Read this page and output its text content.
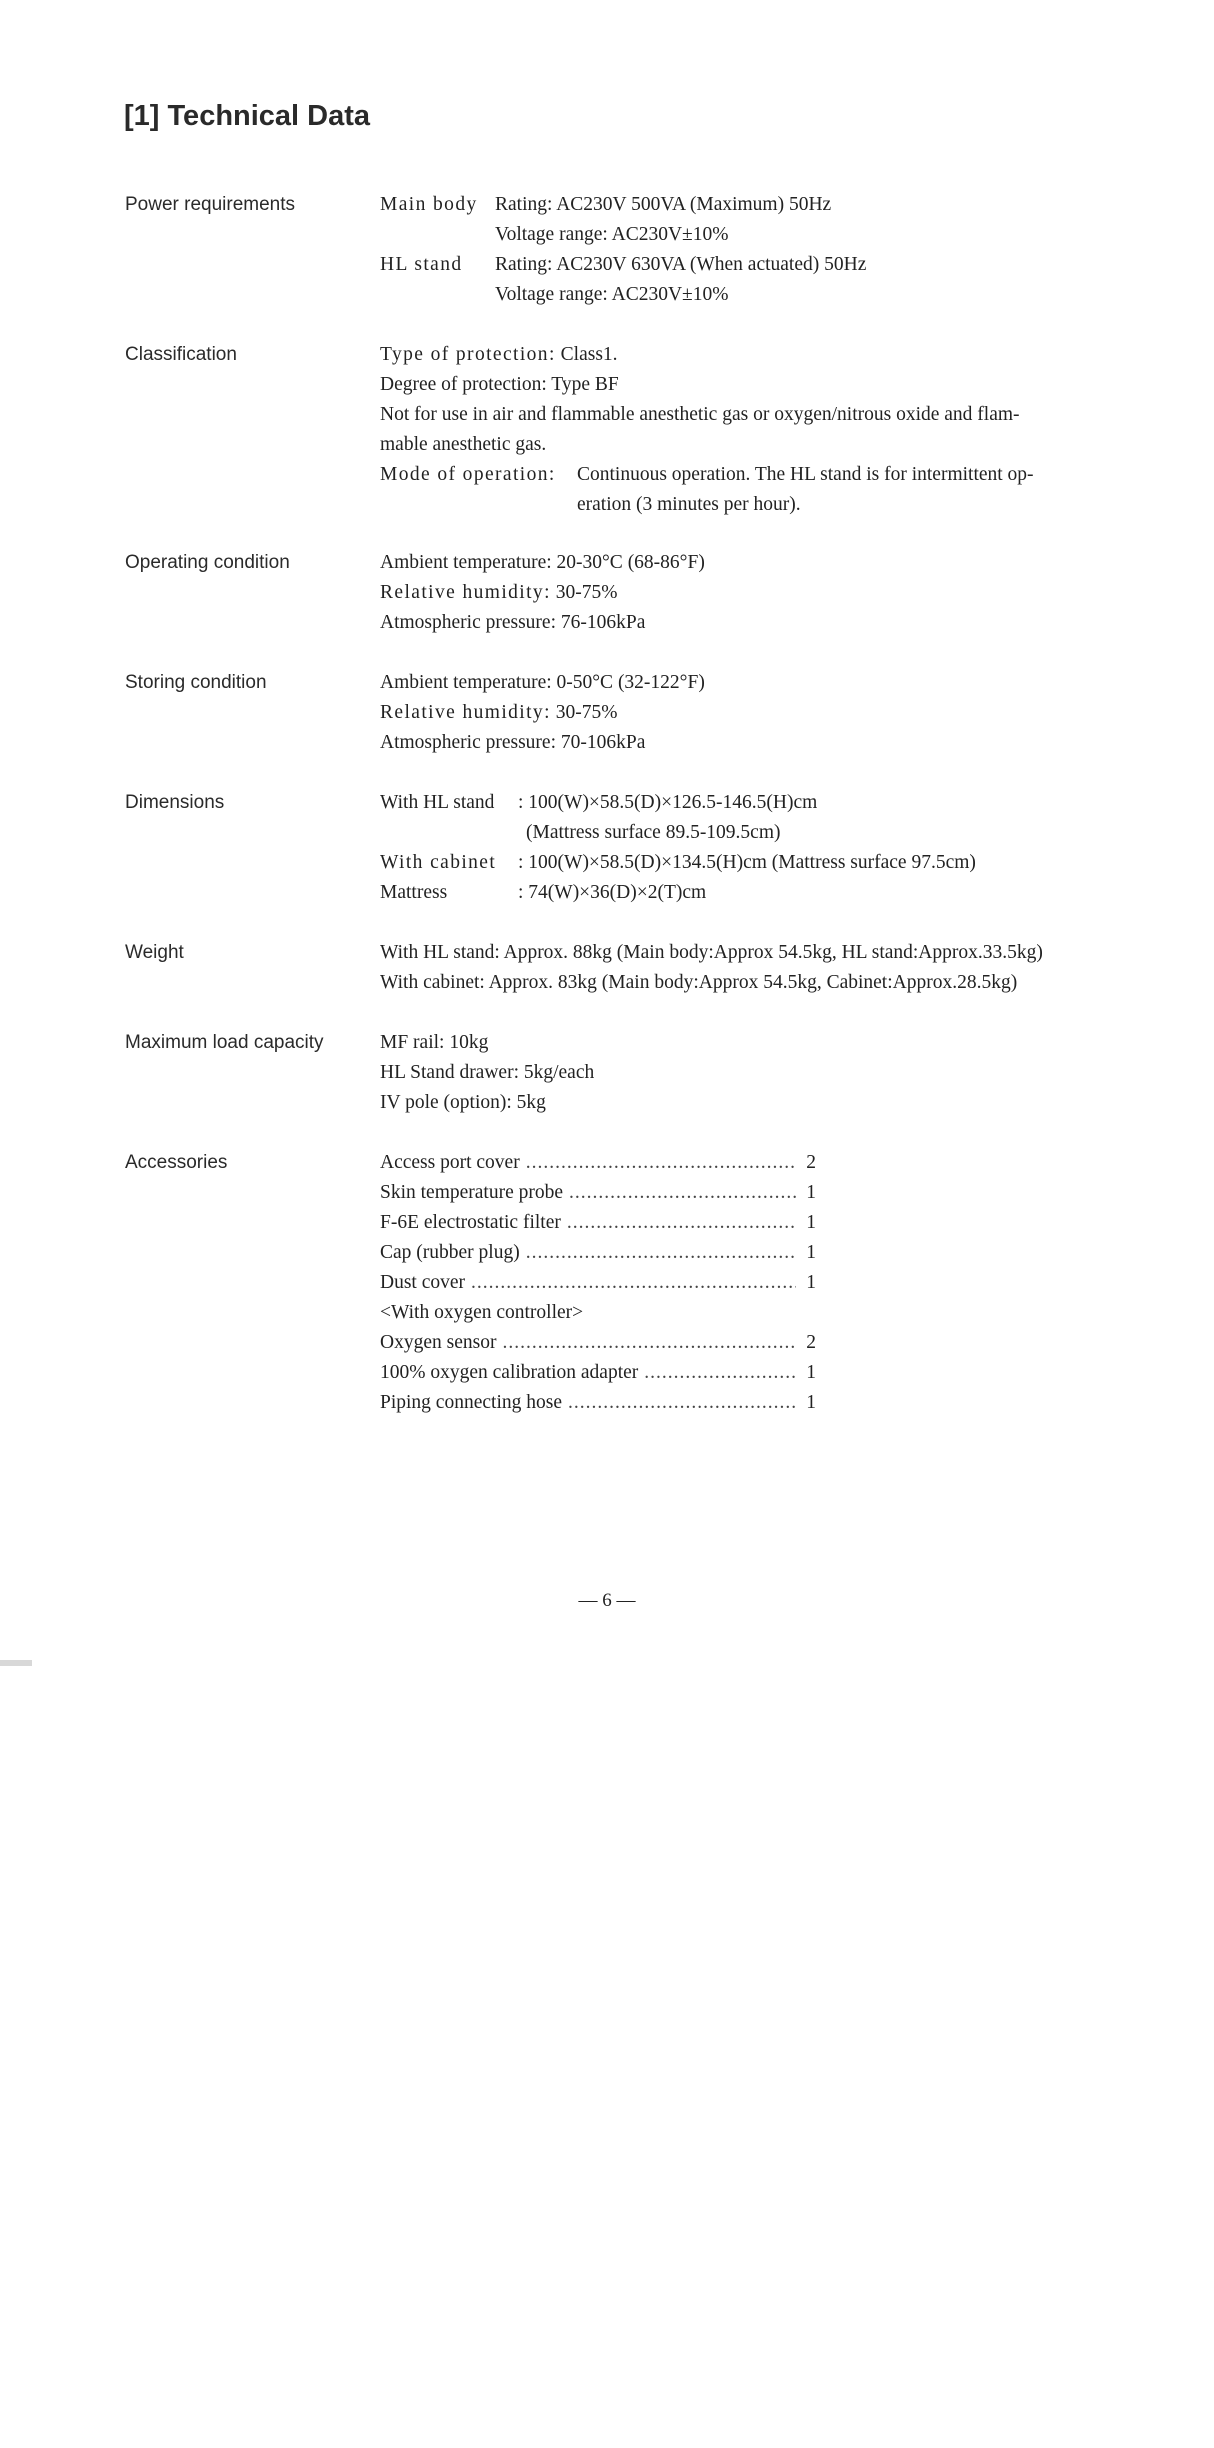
[1] Technical Data
Power requirements	Main body Rating: AC230V 500VA (Maximum) 50Hz
Voltage range: AC230V±10%
HL stand Rating: AC230V 630VA (When actuated) 50Hz
Voltage range: AC230V±10%
Classification	Type of protection: Class1.
Degree of protection: Type BF
Not for use in air and flammable anesthetic gas or oxygen/nitrous oxide and flam-
mable anesthetic gas.
Mode of operation: Continuous operation. The HL stand is for intermittent op-
eration (3 minutes per hour).
Operating condition	Ambient temperature: 20-30°C (68-86°F)
Relative humidity: 30-75%
Atmospheric pressure: 76-106kPa
Storing condition	Ambient temperature: 0-50°C (32-122°F)
Relative humidity: 30-75%
Atmospheric pressure: 70-106kPa
Dimensions	With HL stand : 100(W)×58.5(D)×126.5-146.5(H)cm
(Mattress surface 89.5-109.5cm)
With cabinet : 100(W)×58.5(D)×134.5(H)cm (Mattress surface 97.5cm)
Mattress	: 74(W)×36(D)×2(T)cm
Weight	With HL stand: Approx. 88kg (Main body:Approx 54.5kg, HL stand:Approx.33.5kg)
With cabinet: Approx. 83kg (Main body:Approx 54.5kg, Cabinet:Approx.28.5kg)
Maximum load capacity	MF rail: 10kg
HL Stand drawer: 5kg/each
IV pole (option): 5kg
Accessories	Access port cover .....	2
Skin temperature probe .....	1
F-6E electrostatic filter .....	1
Cap (rubber plug) .....	1
Dust cover .....	1
<With oxygen controller>
Oxygen sensor .....	2
100% oxygen calibration adapter .....	1
Piping connecting hose .....	1
— 6 —
